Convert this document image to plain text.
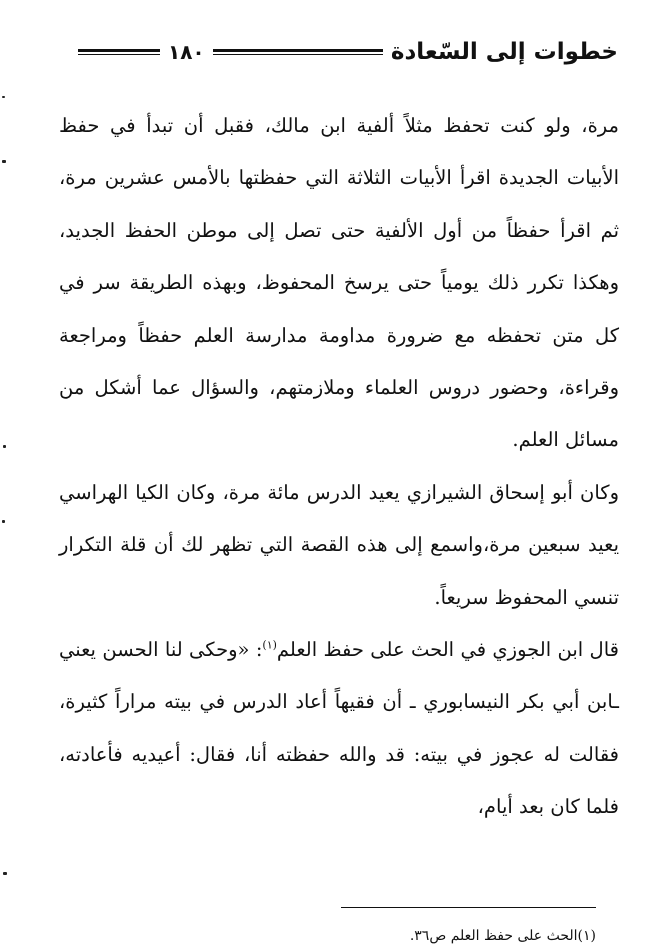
خطوات إلى السّعادة
١٨٠

مرة، ولو كنت تحفظ مثلاً ألفية ابن مالك، فقبل أن تبدأ في حفظ الأبيات الجديدة اقرأ الأبيات الثلاثة التي حفظتها بالأمس عشرين مرة، ثم اقرأ حفظاً من أول الألفية حتى تصل إلى موطن الحفظ الجديد، وهكذا تكرر ذلك يومياً حتى يرسخ المحفوظ، وبهذه الطريقة سر في كل متن تحفظه مع ضرورة مداومة مدارسة العلم حفظاً ومراجعة وقراءة، وحضور دروس العلماء وملازمتهم، والسؤال عما أشكل من مسائل العلم.

وكان أبو إسحاق الشيرازي يعيد الدرس مائة مرة، وكان الكيا الهراسي يعيد سبعين مرة،واسمع إلى هذه القصة التي تظهر لك أن قلة التكرار تنسي المحفوظ سريعاً.

قال ابن الجوزي في الحث على حفظ العلم$^{(١)}$: «وحكى لنا الحسن يعني ـابن أبي بكر النيسابوري ـ أن فقيهاً أعاد الدرس في بيته مراراً كثيرة، فقالت له عجوز في بيته: قد والله حفظته أنا، فقال: أعيديه فأعادته، فلما كان بعد أيام،

(١)الحث على حفظ العلم ص٣٦.
